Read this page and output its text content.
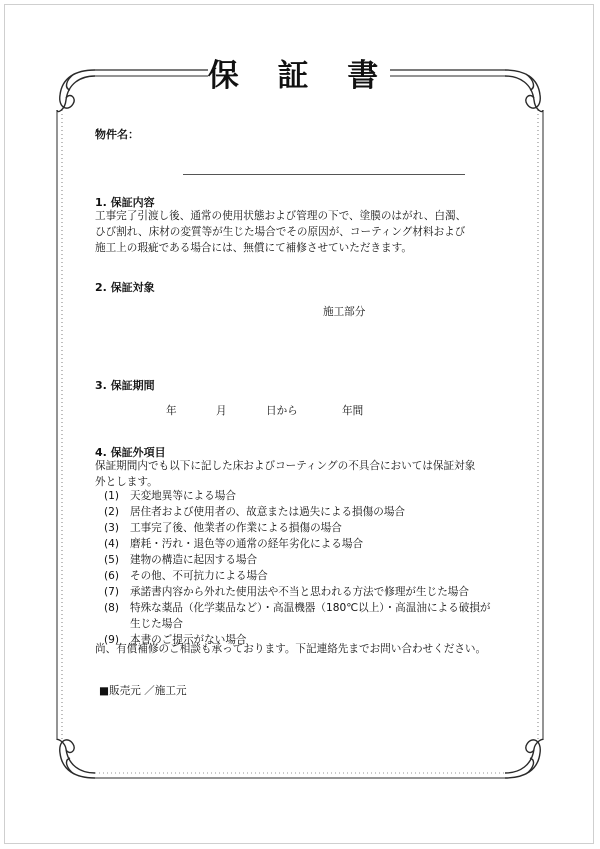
保 証 書
物件名：
1. 保証内容
工事完了引渡し後、通常の使用状態および管理の下で、塗膜のはがれ、白濁、
ひび割れ、床材の変質等が生じた場合でその原因が、コーティング材料および
施工上の瑕疵である場合には、無償にて補修させていただきます。
2. 保証対象
施工部分
3. 保証期間
年	月	日から	年間
4. 保証外項目
保証期間内でも以下に記した床およびコーティングの不具合においては保証対象
外とします。
(1)	天変地異等による場合
(2)	居住者および使用者の、故意または過失による損傷の場合
(3)	工事完了後、他業者の作業による損傷の場合
(4)	磨耗・汚れ・退色等の通常の経年劣化による場合
(5)	建物の構造に起因する場合
(6)	その他、不可抗力による場合
(7)	承諾書内容から外れた使用法や不当と思われる方法で修理が生じた場合
(8)	特殊な薬品（化学薬品など）・高温機器（180℃以上）・高温油による破損が
生じた場合
(9)	本書のご提示がない場合
尚、有償補修のご相談も承っております。下記連絡先までお問い合わせください。
■販売元 ／施工元
